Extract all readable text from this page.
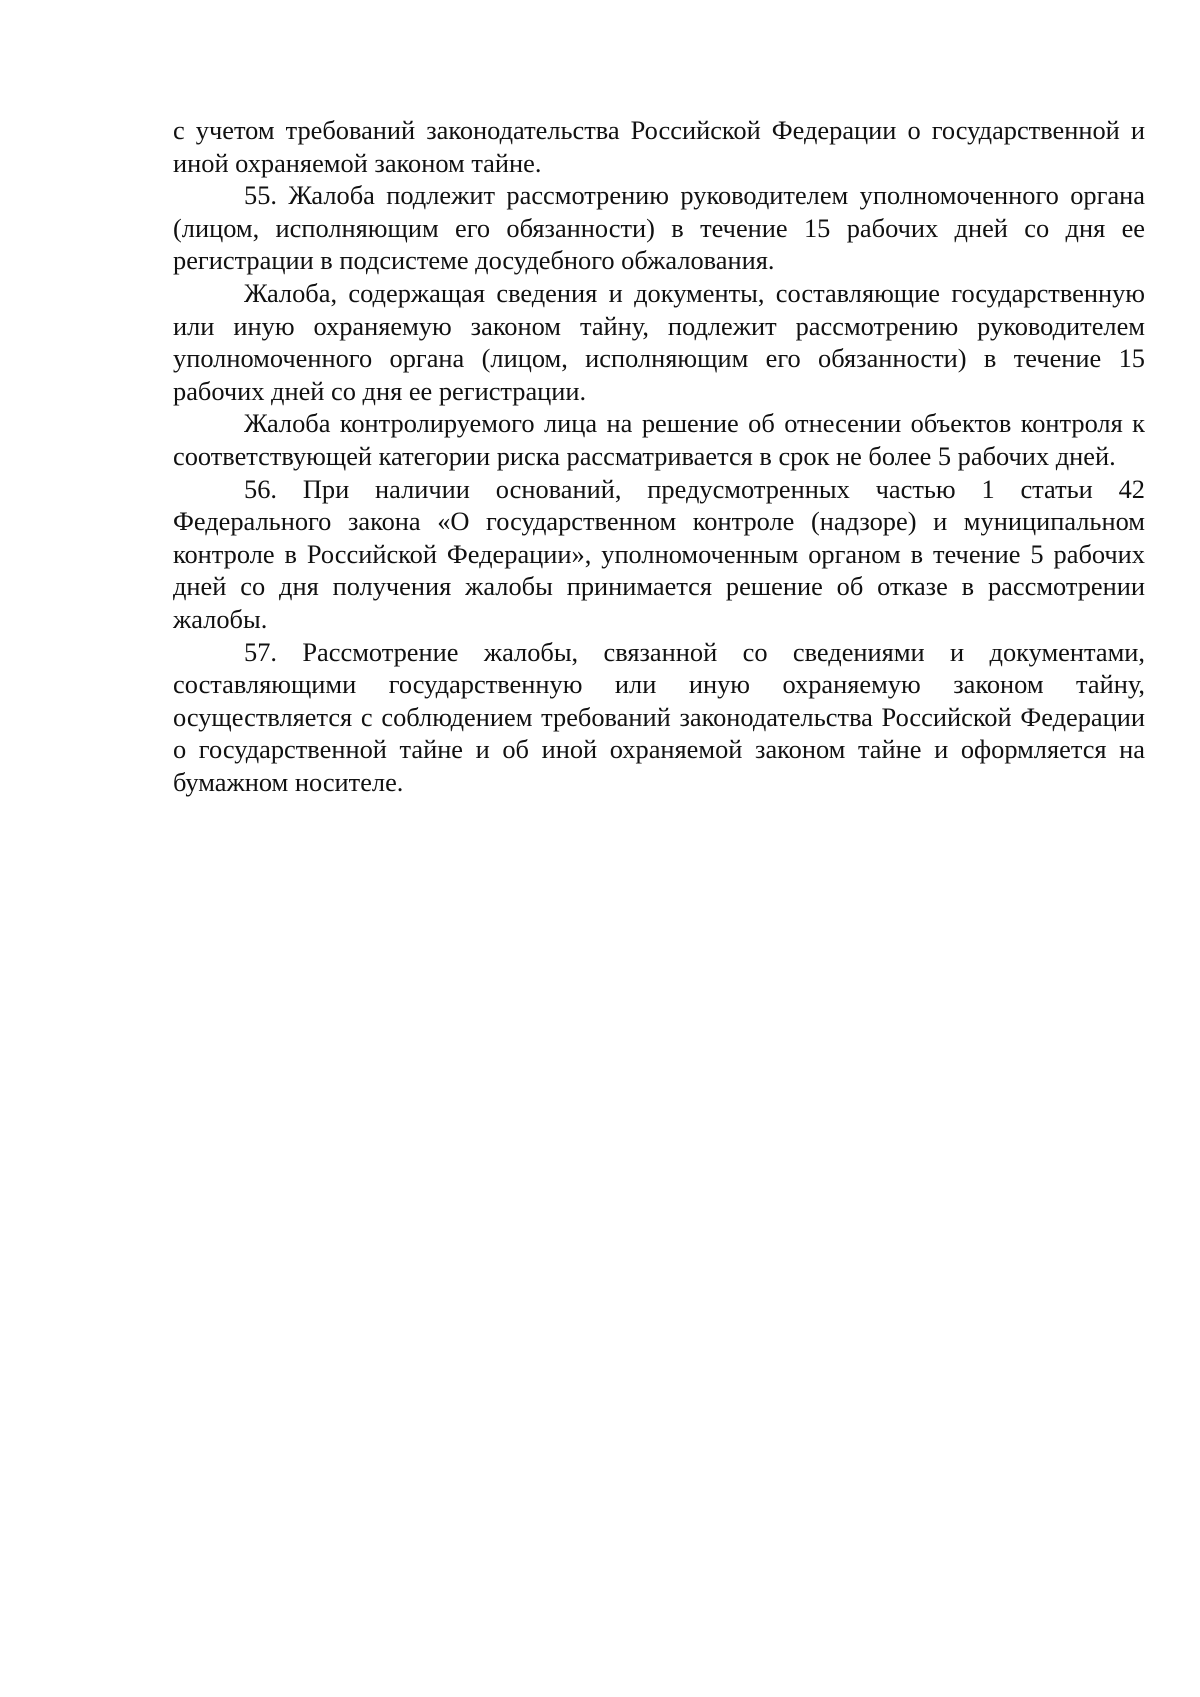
с учетом требований законодательства Российской Федерации о государственной и иной охраняемой законом тайне.

55. Жалоба подлежит рассмотрению руководителем уполномоченного органа (лицом, исполняющим его обязанности) в течение 15 рабочих дней со дня ее регистрации в подсистеме досудебного обжалования.

Жалоба, содержащая сведения и документы, составляющие государственную или иную охраняемую законом тайну, подлежит рассмотрению руководителем уполномоченного органа (лицом, исполняющим его обязанности) в течение 15 рабочих дней со дня ее регистрации.

Жалоба контролируемого лица на решение об отнесении объектов контроля к соответствующей категории риска рассматривается в срок не более 5 рабочих дней.

56. При наличии оснований, предусмотренных частью 1 статьи 42 Федерального закона «О государственном контроле (надзоре) и муниципальном контроле в Российской Федерации», уполномоченным органом в течение 5 рабочих дней со дня получения жалобы принимается решение об отказе в рассмотрении жалобы.

57. Рассмотрение жалобы, связанной со сведениями и документами, составляющими государственную или иную охраняемую законом тайну, осуществляется с соблюдением требований законодательства Российской Федерации о государственной тайне и об иной охраняемой законом тайне и оформляется на бумажном носителе.
